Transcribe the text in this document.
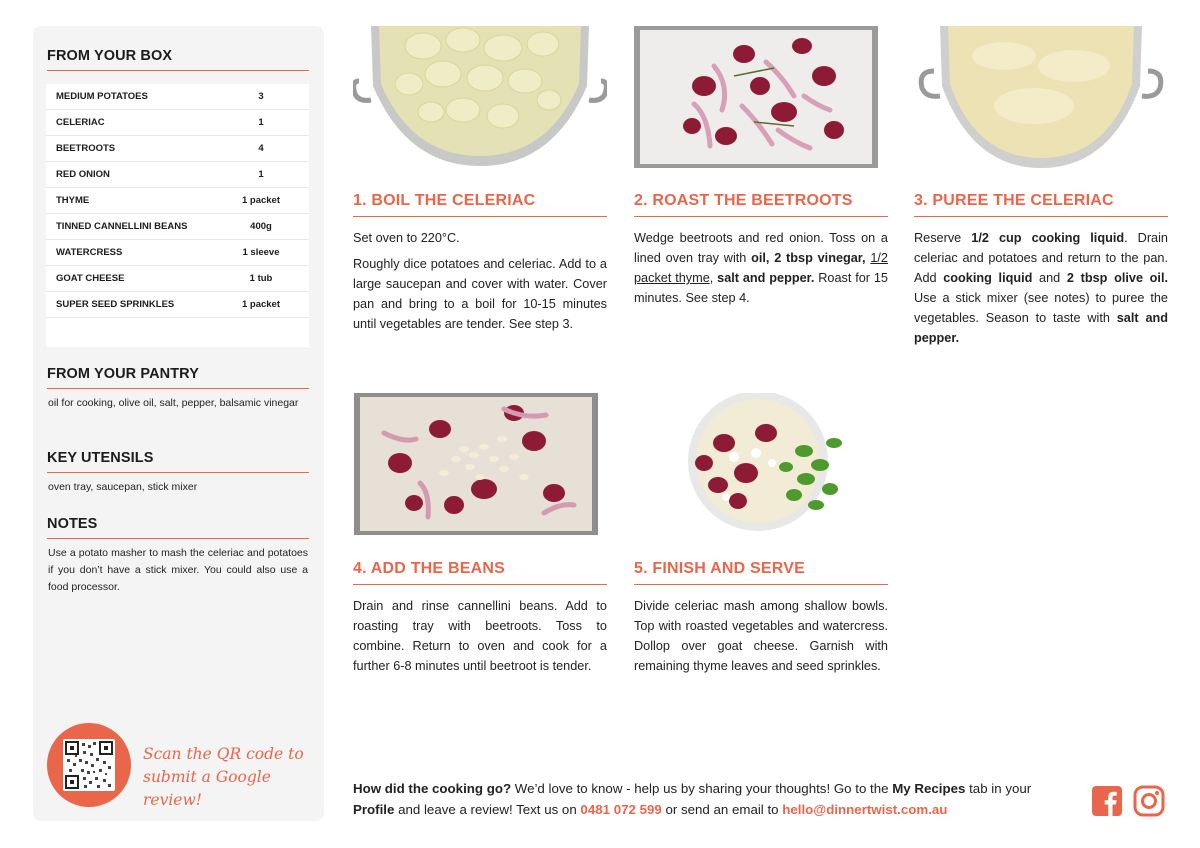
FROM YOUR BOX
MEDIUM POTATOES	3
CELERIAC	1
BEETROOTS	4
RED ONION	1
THYME	1 packet
TINNED CANNELLINI BEANS	400g
WATERCRESS	1 sleeve
GOAT CHEESE	1 tub
SUPER SEED SPRINKLES	1 packet
FROM YOUR PANTRY
oil for cooking, olive oil, salt, pepper, balsamic vinegar
KEY UTENSILS
oven tray, saucepan, stick mixer
NOTES
Use a potato masher to mash the celeriac and potatoes if you don’t have a stick mixer. You could also use a food processor.
Scan the QR code to submit a Google review!
1. BOIL THE CELERIAC

Set oven to 220°C.

Roughly dice potatoes and celeriac. Add to a large saucepan and cover with water. Cover pan and bring to a boil for 10-15 minutes until vegetables are tender. See step 3.

2. ROAST THE BEETROOTS

Wedge beetroots and red onion. Toss on a lined oven tray with oil, 2 tbsp vinegar, 1/2 packet thyme, salt and pepper. Roast for 15 minutes. See step 4.

3. PUREE THE CELERIAC

Reserve 1/2 cup cooking liquid. Drain celeriac and potatoes and return to the pan. Add cooking liquid and 2 tbsp olive oil. Use a stick mixer (see notes) to puree the vegetables. Season to taste with salt and pepper.

4. ADD THE BEANS

Drain and rinse cannellini beans. Add to roasting tray with beetroots. Toss to combine. Return to oven and cook for a further 6-8 minutes until beetroot is tender.

5. FINISH AND SERVE

Divide celeriac mash among shallow bowls. Top with roasted vegetables and watercress. Dollop over goat cheese. Garnish with remaining thyme leaves and seed sprinkles.

How did the cooking go? We’d love to know - help us by sharing your thoughts! Go to the My Recipes tab in your Profile and leave a review! Text us on 0481 072 599 or send an email to hello@dinnertwist.com.au
